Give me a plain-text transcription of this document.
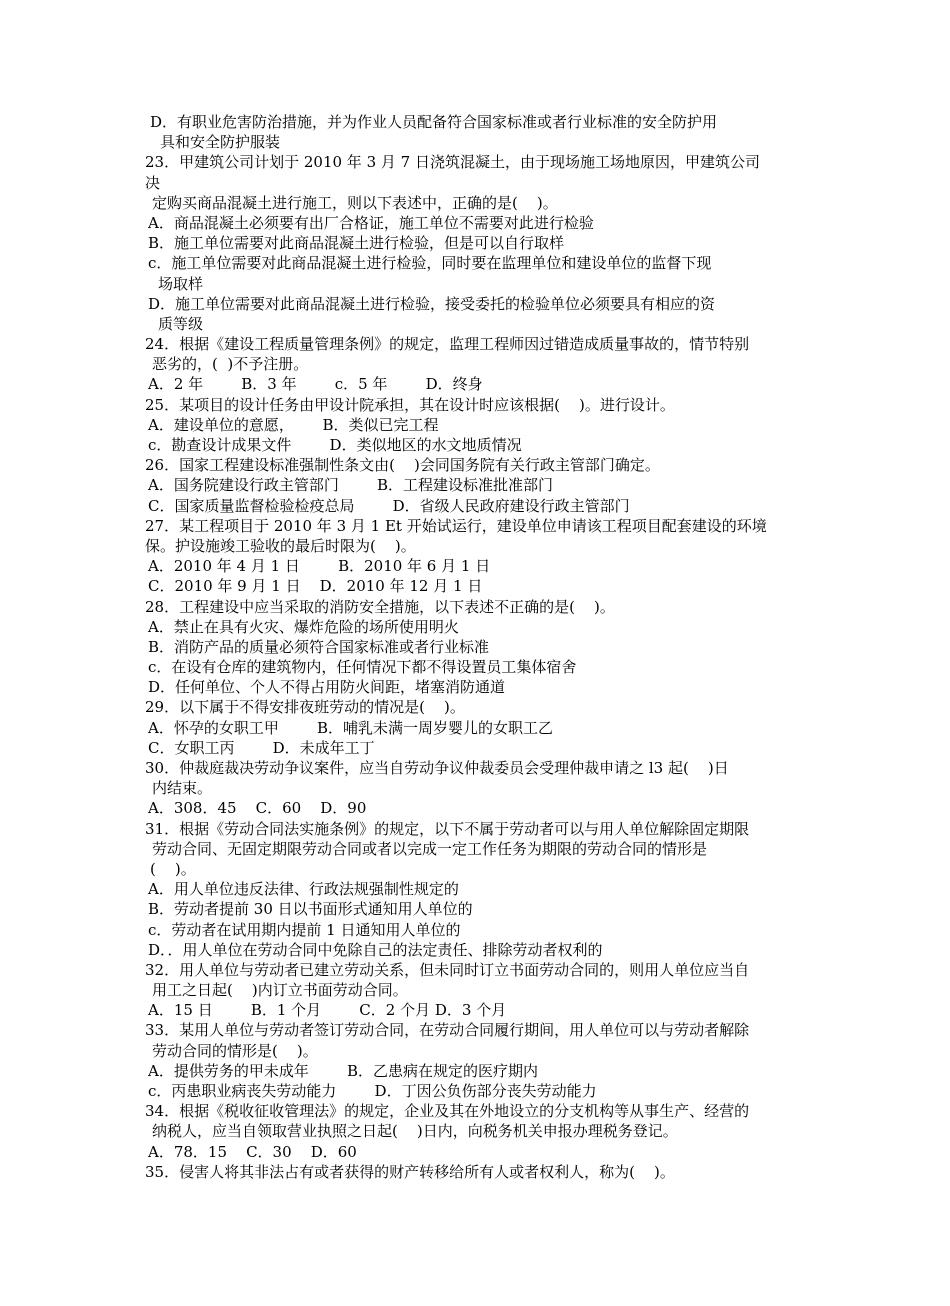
D．有职业危害防治措施，并为作业人员配备符合国家标准或者行业标准的安全防护用
具和安全防护服装
23．甲建筑公司计划于 2010 年 3 月 7 日浇筑混凝土，由于现场施工场地原因，甲建筑公司
决
定购买商品混凝土进行施工，则以下表述中，正确的是(    )。
A．商品混凝土必须要有出厂合格证，施工单位不需要对此进行检验
B．施工单位需要对此商品混凝土进行检验，但是可以自行取样
c．施工单位需要对此商品混凝土进行检验，同时要在监理单位和建设单位的监督下现
场取样
D．施工单位需要对此商品混凝土进行检验，接受委托的检验单位必须要具有相应的资
质等级
24．根据《建设工程质量管理条例》的规定，监理工程师因过错造成质量事故的，情节特别
恶劣的，(  )不予注册。
A．2 年        B．3 年        c．5 年        D．终身
25．某项目的设计任务由甲设计院承担，其在设计时应该根据(    )。进行设计。
A．建设单位的意愿，      B．类似已完工程
c．勘查设计成果文件        D．类似地区的水文地质情况
26．国家工程建设标准强制性条文由(    )会同国务院有关行政主管部门确定。
A．国务院建设行政主管部门        B．工程建设标准批准部门
C．国家质量监督检验检疫总局        D．省级人民政府建设行政主管部门
27．某工程项目于 2010 年 3 月 1 Et 开始试运行，建设单位申请该工程项目配套建设的环境
保。护设施竣工验收的最后时限为(    )。
A．2010 年 4 月 1 日        B．2010 年 6 月 1 日
C．2010 年 9 月 1 日    D．2010 年 12 月 1 日
28．工程建设中应当采取的消防安全措施，以下表述不正确的是(    )。
A．禁止在具有火灾、爆炸危险的场所使用明火
B．消防产品的质量必须符合国家标准或者行业标准
c．在设有仓库的建筑物内，任何情况下都不得设置员工集体宿舍
D．任何单位、个人不得占用防火间距，堵塞消防通道
29．以下属于不得安排夜班劳动的情况是(    )。
A．怀孕的女职工甲        B．哺乳未满一周岁婴儿的女职工乙
C．女职工丙        D．未成年工丁
30．仲裁庭裁决劳动争议案件，应当自劳动争议仲裁委员会受理仲裁申请之 l3 起(    )日
内结束。
A．308．45    C．60    D．90
31．根据《劳动合同法实施条例》的规定，以下不属于劳动者可以与用人单位解除固定期限
劳动合同、无固定期限劳动合同或者以完成一定工作任务为期限的劳动合同的情形是
(    )。
A．用人单位违反法律、行政法规强制性规定的
B．劳动者提前 30 日以书面形式通知用人单位的
c．劳动者在试用期内提前 1 日通知用人单位的
D．．用人单位在劳动合同中免除自己的法定责任、排除劳动者权利的
32．用人单位与劳动者已建立劳动关系，但未同时订立书面劳动合同的，则用人单位应当自
用工之日起(    )内订立书面劳动合同。
A．15 日        B．1 个月        C．2 个月 D．3 个月
33．某用人单位与劳动者签订劳动合同，在劳动合同履行期间，用人单位可以与劳动者解除
劳动合同的情形是(    )。
A．提供劳务的甲未成年        B．乙患病在规定的医疗期内
c．丙患职业病丧失劳动能力        D．丁因公负伤部分丧失劳动能力
34．根据《税收征收管理法》的规定，企业及其在外地设立的分支机构等从事生产、经营的
纳税人，应当自领取营业执照之日起(    )日内，向税务机关申报办理税务登记。
A．78．15    C．30    D．60
35．侵害人将其非法占有或者获得的财产转移给所有人或者权利人，称为(    )。
